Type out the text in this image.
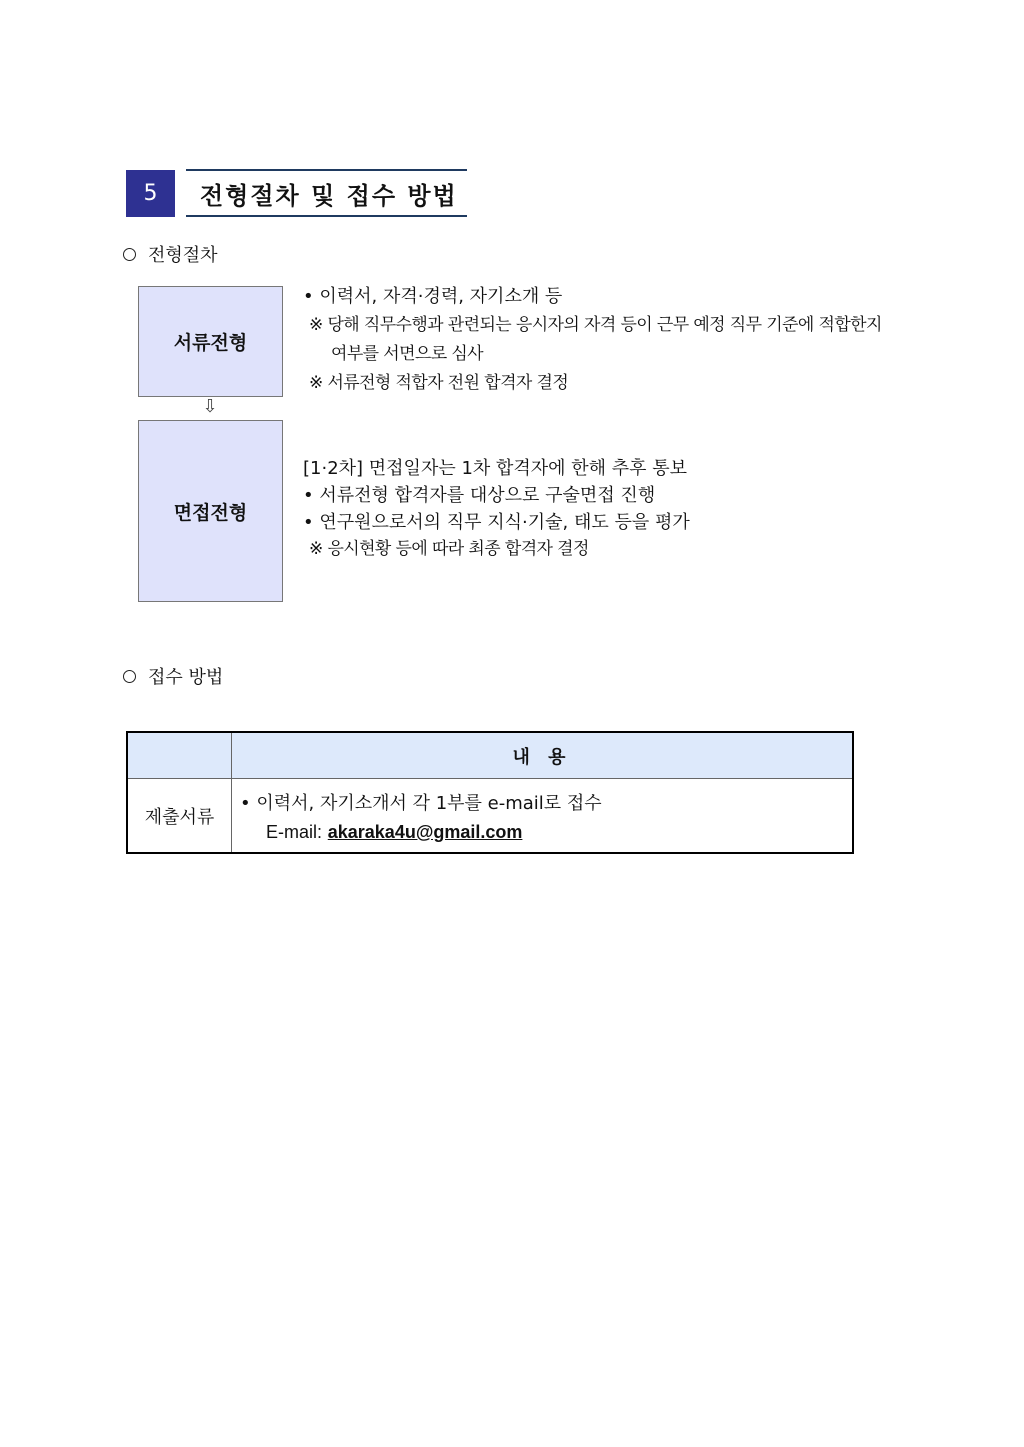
5	전형절차 및 접수 방법
전형절차
서류전형
• 이력서, 자격·경력, 자기소개 등
※ 당해 직무수행과 관련되는 응시자의 자격 등이 근무 예정 직무 기준에 적합한지
여부를 서면으로 심사
※ 서류전형 적합자 전원 합격자 결정
⇩
면접전형
[1·2차] 면접일자는 1차 합격자에 한해 추후 통보
• 서류전형 합격자를 대상으로 구술면접 진행
• 연구원으로서의 직무 지식·기술, 태도 등을 평가
※ 응시현황 등에 따라 최종 합격자 결정
접수 방법
내 용
제출서류
• 이력서, 자기소개서 각 1부를 e-mail로 접수
E-mail: akaraka4u@gmail.com
